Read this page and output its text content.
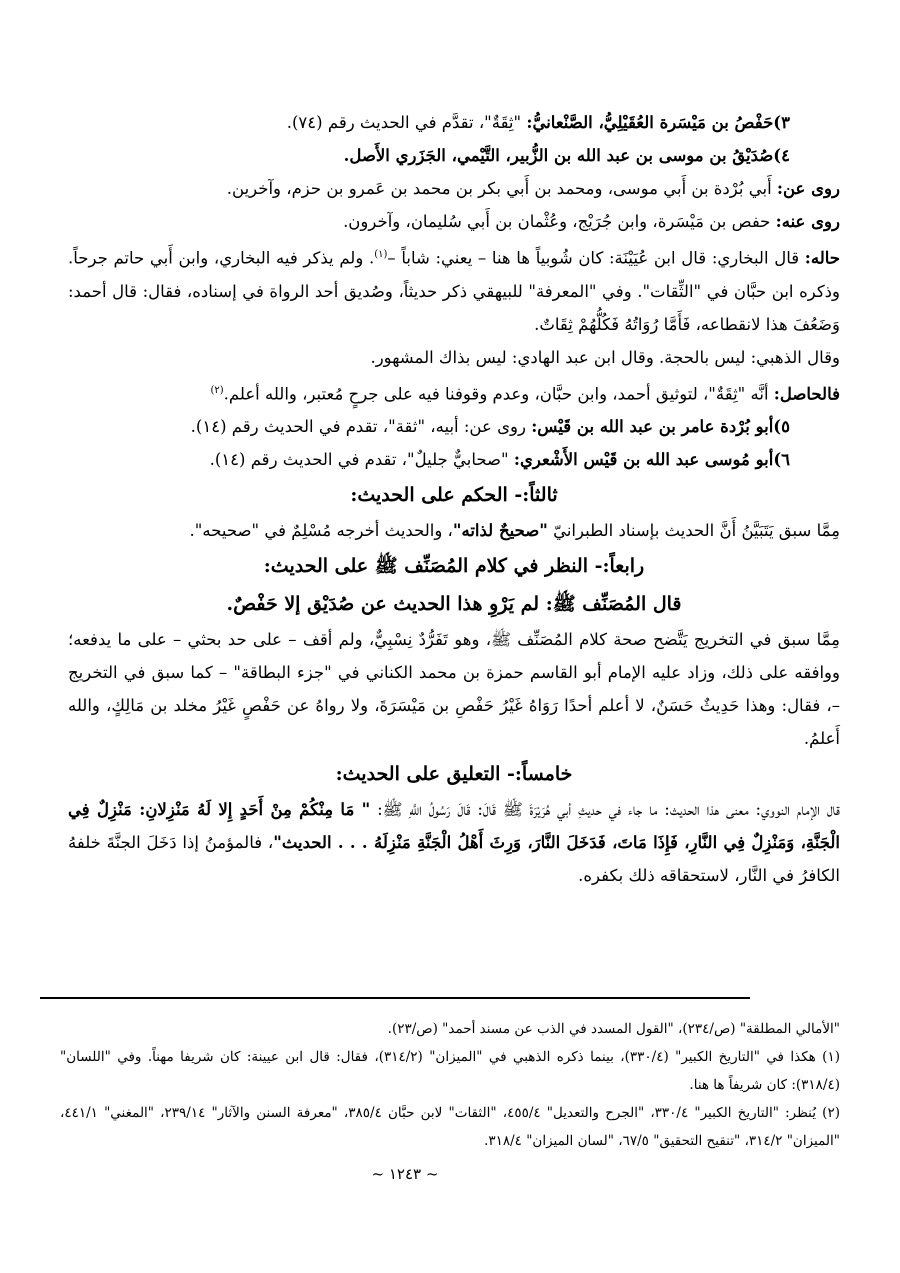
٣)حَفْصُ بن مَيْسَرة العُقَيْلِيُّ، الصَّنْعانيُّ: "ثِقَةٌ"، تقدَّم في الحديث رقم (٧٤).

٤)صُدَيْقُ بن موسى بن عبد الله بن الزُّبير، التَّيْمي، الجَزَري الأَصل.

روى عن: أَبي بُرْدة بن أَبي موسى، ومحمد بن أَبي بكر بن محمد بن عَمرو بن حزم، وآخرين.

روى عنه: حفص بن مَيْسَرة، وابن جُرَيْج، وعُثْمان بن أَبي سُليمان، وآخرون.

حاله: قال البخاري: قال ابن عُيَيْنَة: كان شُوبياً ها هنا – يعني: شاباً –$^{(١)}$. ولم يذكر فيه البخاري، وابن أَبي حاتم جرحاً. وذكره ابن حبَّان في "الثِّقات". وفي "المعرفة" للبيهقي ذكر حديثاً، وصُديق أحد الرواة في إسناده، فقال: قال أحمد: وَضَعُفَ هذا لانقطاعه، فَأَمَّا رُوَاتُهُ فَكُلُّهُمْ ثِقَاتٌ.

وقال الذهبي: ليس بالحجة. وقال ابن عبد الهادي: ليس بذاك المشهور.

فالحاصل: أنَّه "ثِقَةٌ"، لتوثيق أحمد، وابن حبَّان، وعدم وقوفنا فيه على جرحٍ مُعتبر، والله أعلم.$^{(٢)}$

٥)أبو بُرْدة عامر بن عبد الله بن قَيْس: روى عن: أبيه، "ثقة"، تقدم في الحديث رقم (١٤).

٦)أبو مُوسى عبد الله بن قَيْس الأَشْعري: "صحابيٌّ جليلٌ"، تقدم في الحديث رقم (١٤).

ثالثاً:- الحكم على الحديث:

مِمَّا سبق يَتَبَيَّنُ أَنَّ الحديث بإسناد الطبرانيّ "صحيحٌ لذاته"، والحديث أخرجه مُسْلِمٌ في "صحيحه".

رابعاً:- النظر في كلام المُصَنِّف ﷺ على الحديث:

قال المُصَنِّف ﷺ: لم يَرْوِ هذا الحديث عن صُدَيْق إلا حَفْصٌ.

مِمَّا سبق في التخريج يَتَّضح صحة كلام المُصَنِّف ﷺ، وهو تَفَرُّدٌ نِسْبِيٌّ، ولم أقف – على حد بحثي – على ما يدفعه؛ ووافقه على ذلك، وزاد عليه الإمام أبو القاسم حمزة بن محمد الكناني في "جزء البطاقة" – كما سبق في التخريج –، فقال: وهذا حَدِيثٌ حَسَنٌ، لا أعلم أحدًا رَوَاهُ غَيْرُ حَفْصِ بن مَيْسَرَةَ، ولا رواهُ عن حَفْصٍ غَيْرُ مخلد بن مَالِكٍ، والله أَعلمُ.

خامساً:- التعليق على الحديث:

قال الإمام النووي: معنى هذا الحديث: ما جاء في حديثِ أبي هُرَيْرَةَ ﷺ قَالَ: قَالَ رَسُولُ اللَّهِ ﷺ: " مَا مِنْكُمْ مِنْ أَحَدٍ إِلا لَهُ مَنْزِلانِ: مَنْزِلٌ فِي الْجَنَّةِ، وَمَنْزِلٌ فِي النَّارِ، فَإِذَا مَاتَ، فَدَخَلَ النَّارَ، وَرِثَ أَهْلُ الْجَنَّةِ مَنْزِلَهُ . . . الحديث"، فالمؤمنُ إذا دَخَلَ الجنَّةَ خلفهُ الكافرُ في النَّار، لاستحقاقه ذلك بكفره.

"الأمالي المطلقة" (ص/٢٣٤)، "القول المسدد في الذب عن مسند أحمد" (ص/٢٣).

(١) هكذا في "التاريخ الكبير" (٣٣٠/٤)، بينما ذكره الذهبي في "الميزان" (٣١٤/٢)، فقال: قال ابن عيينة: كان شريفا مهناً. وفي "اللسان" (٣١٨/٤): كان شريفاً ها هنا.

(٢) يُنظر: "التاريخ الكبير" ٣٣٠/٤، "الجرح والتعديل" ٤٥٥/٤، "الثقات" لابن حبَّان ٣٨٥/٤، "معرفة السنن والآثار" ٢٣٩/١٤، "المغني" ٤٤١/١، "الميزان" ٣١٤/٢، "تنقيح التحقيق" ٦٧/٥، "لسان الميزان" ٣١٨/٤.

~ ١٢٤٣ ~
